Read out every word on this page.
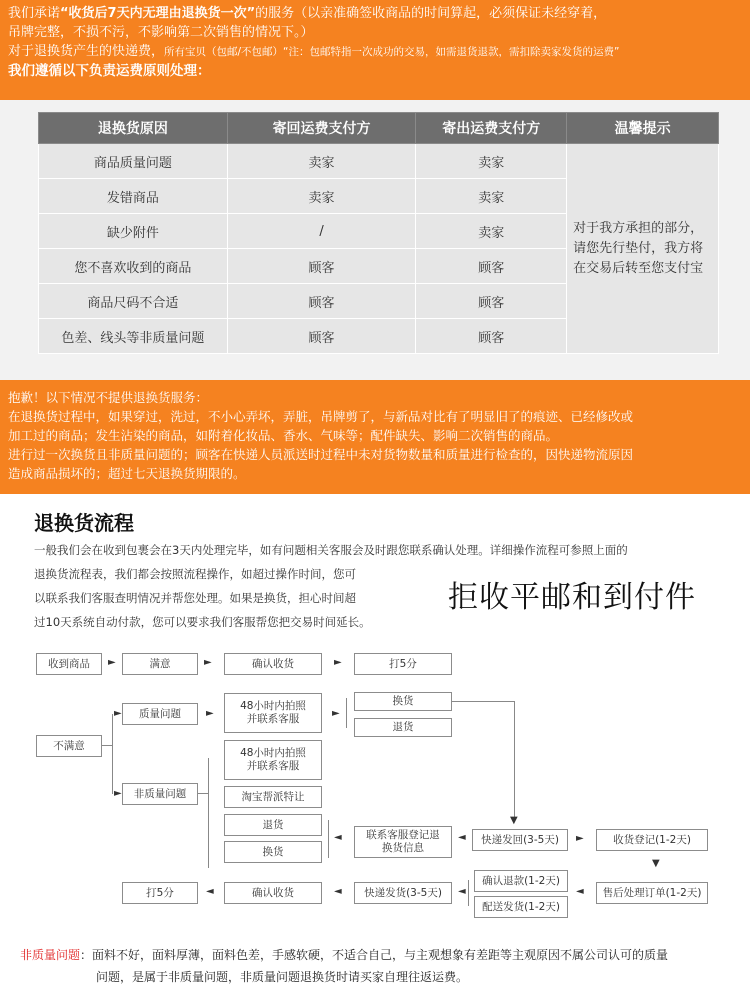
我们承诺“收货后7天内无理由退换货一次”的服务（以亲准确签收商品的时间算起，必须保证未经穿着，
吊牌完整，不损不污，不影响第二次销售的情况下。）
对于退换货产生的快递费，所有宝贝（包邮/不包邮）“注：包邮特指一次成功的交易，如需退货退款，需扣除卖家发货的运费”
我们遵循以下负责运费原则处理：
退换货原因	寄回运费支付方	寄出运费支付方	温馨提示
商品质量问题	卖家	卖家	对于我方承担的部分，请您先行垫付，我方将在交易后转至您支付宝
发错商品	卖家	卖家	
缺少附件	/	卖家	
您不喜欢收到的商品	顾客	顾客	
商品尺码不合适	顾客	顾客	
色差、线头等非质量问题	顾客	顾客	
抱歉！以下情况不提供退换货服务：
在退换货过程中，如果穿过，洗过，不小心弄坏，弄脏，吊牌剪了，与新品对比有了明显旧了的痕迹、已经修改或
加工过的商品；发生沾染的商品，如附着化妆品、香水、气味等；配件缺失、影响二次销售的商品。
进行过一次换货且非质量问题的；顾客在快递人员派送时过程中未对货物数量和质量进行检查的，因快递物流原因
造成商品损坏的；超过七天退换货期限的。
退换货流程
一般我们会在收到包裹会在3天内处理完毕，如有问题相关客服会及时跟您联系确认处理。详细操作流程可参照上面的
退换货流程表，我们都会按照流程操作，如超过操作时间，您可
以联系我们客服查明情况并帮您处理。如果是换货，担心时间超
过10天系统自动付款，您可以要求我们客服帮您把交易时间延长。
拒收平邮和到付件
收到商品	►	满意	►	确认收货	►	打5分
不满意
►
►
质量问题	►
48小时内拍照并联系客服	►
换货
退货
▼
非质量问题
48小时内拍照并联系客服
淘宝帮派特让
退货
换货
◄	联系客服登记退换货信息
◄	快递发回(3-5天)	►	收货登记(1-2天)
▼
打5分	◄	确认收货	◄	快递发货(3-5天)	◄
确认退款(1-2天)
配送发货(1-2天)
◄	售后处理订单(1-2天)
非质量问题：面料不好，面料厚薄，面料色差，手感软硬，不适合自己，与主观想象有差距等主观原因不属公司认可的质量
问题，是属于非质量问题，非质量问题退换货时请买家自理往返运费。
